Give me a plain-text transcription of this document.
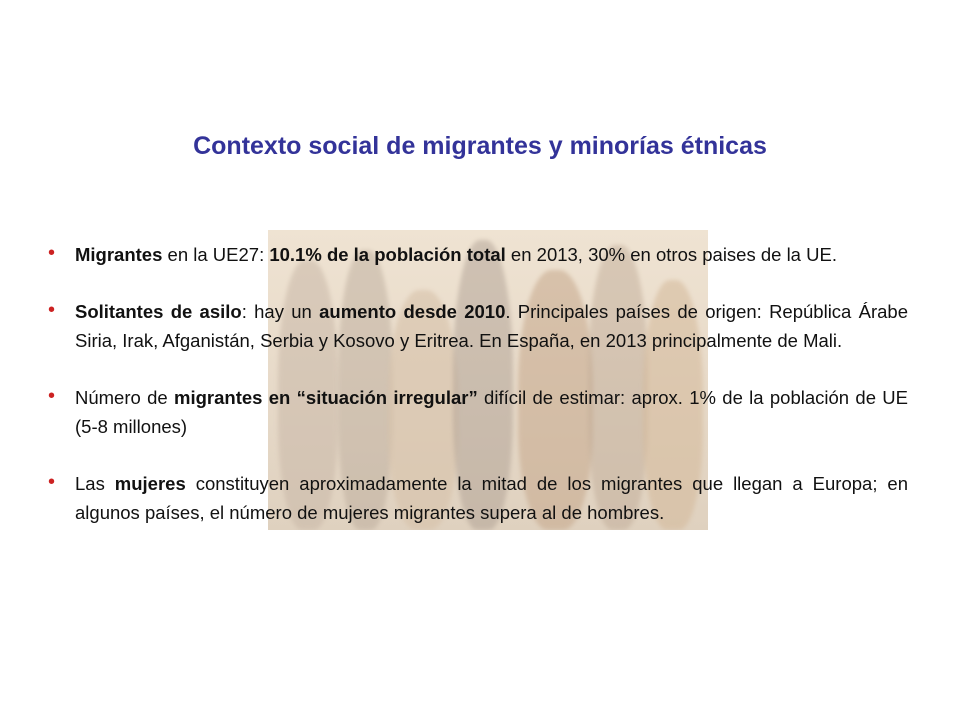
Contexto social de migrantes y minorías étnicas
• Migrantes en la UE27: 10.1% de la población total en 2013, 30% en otros paises de la UE.
• Solitantes de asilo: hay un aumento desde 2010. Principales países de origen: República Árabe Siria, Irak, Afganistán, Serbia y Kosovo y Eritrea. En España, en 2013 principalmente de Mali.
• Número de migrantes en “situación irregular” difícil de estimar: aprox. 1% de la población de UE (5-8 millones)
• Las mujeres constituyen aproximadamente la mitad de los migrantes que llegan a Europa; en algunos países, el número de mujeres migrantes supera al de hombres.
